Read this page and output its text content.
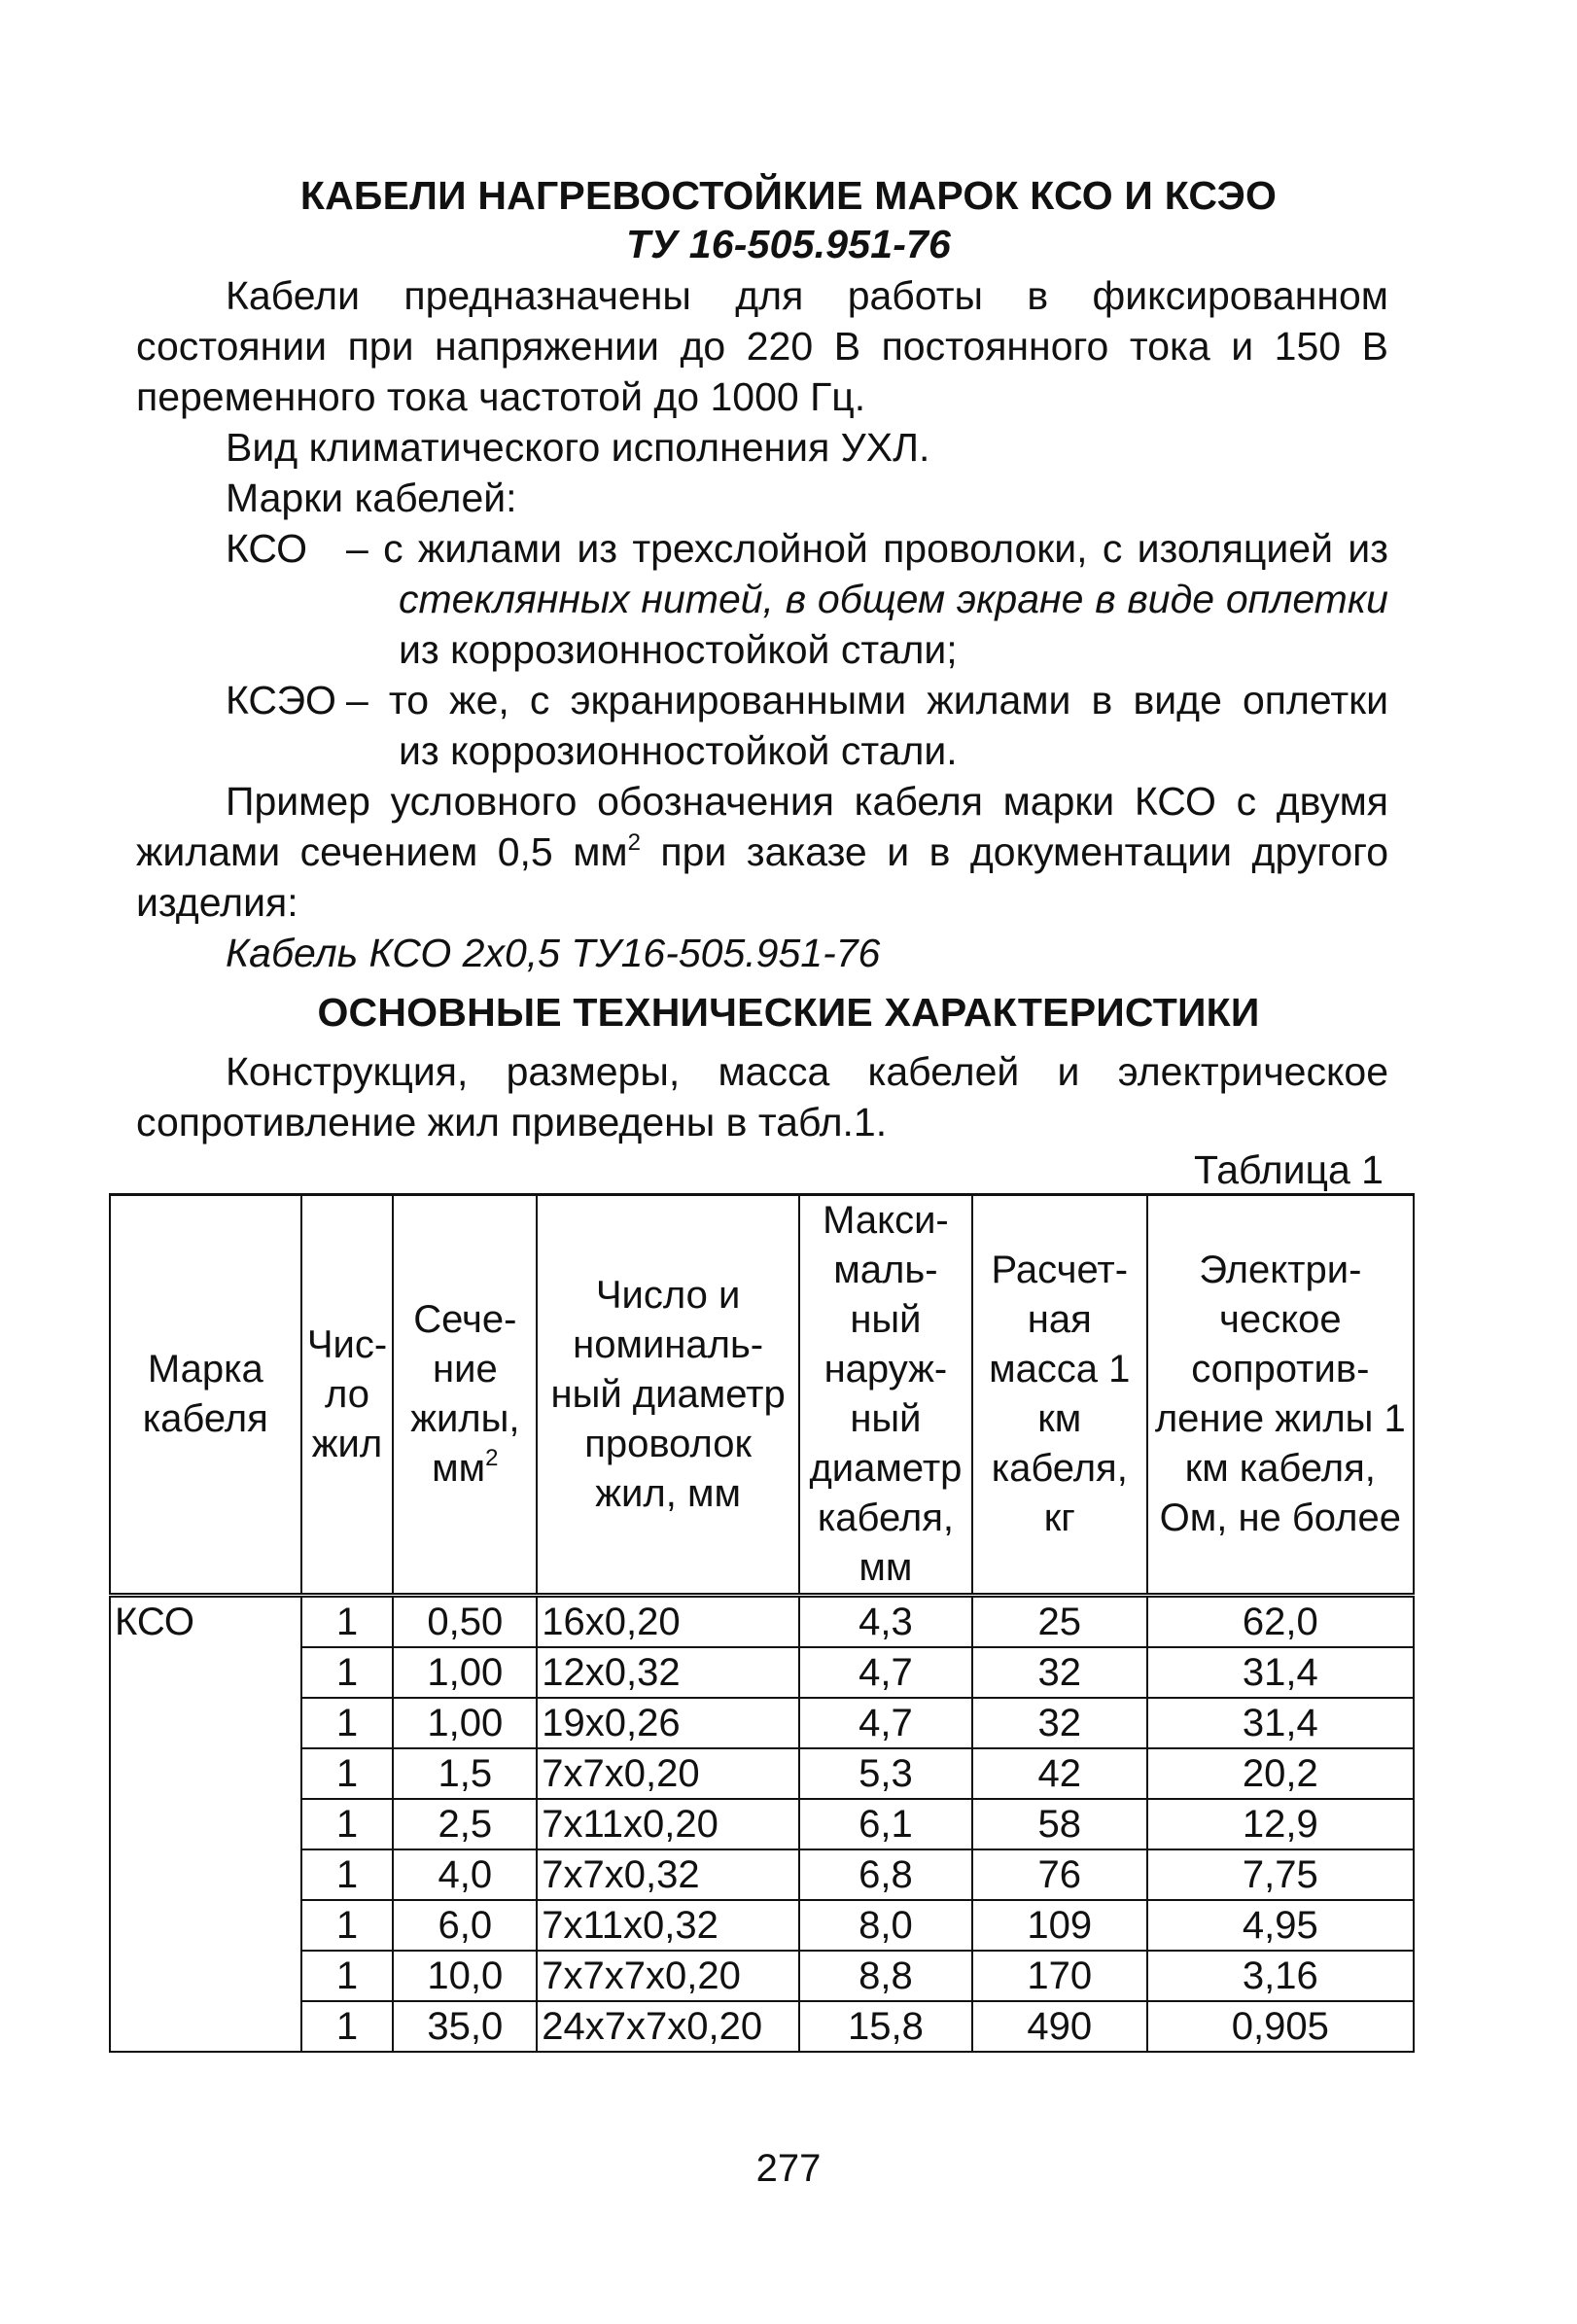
КАБЕЛИ НАГРЕВОСТОЙКИЕ МАРОК КСО И КСЭО
ТУ 16-505.951-76
Кабели предназначены для работы в фиксированном
состоянии при напряжении до 220 В постоянного тока и 150 В
переменного тока частотой до 1000 Гц.
Вид климатического исполнения УХЛ.
Марки кабелей:
КСО – с жилами из трехслойной проволоки, с изоляцией из
стеклянных нитей, в общем экране в виде оплетки
из коррозионностойкой стали;
КСЭО – то же, с экранированными жилами в виде оплетки
из коррозионностойкой стали.
Пример условного обозначения кабеля марки КСО с двумя
жилами сечением 0,5 $мм^2$ при заказе и в документации другого
изделия:
Кабель КСО 2х0,5 ТУ16-505.951-76
ОСНОВНЫЕ ТЕХНИЧЕСКИЕ ХАРАКТЕРИСТИКИ
Конструкция, размеры, масса кабелей и электрическое
сопротивление жил приведены в табл.1.
Таблица 1
Марка кабеля	Чис-ло жил	Сече-ние жилы, $мм^2$	Число и номиналь-ный диаметр проволок жил, мм	Макси-маль-ный наруж-ный диаметр кабеля, мм	Расчет-ная масса 1 км кабеля, кг	Электри-ческое сопротив-ление жилы 1 км кабеля, Ом, не более
КСО	1	0,50	16х0,20	4,3	25	62,0
	1	1,00	12х0,32	4,7	32	31,4
	1	1,00	19х0,26	4,7	32	31,4
	1	1,5	7х7х0,20	5,3	42	20,2
	1	2,5	7х11х0,20	6,1	58	12,9
	1	4,0	7х7х0,32	6,8	76	7,75
	1	6,0	7х11х0,32	8,0	109	4,95
	1	10,0	7х7х7х0,20	8,8	170	3,16
	1	35,0	24х7х7х0,20	15,8	490	0,905
277
